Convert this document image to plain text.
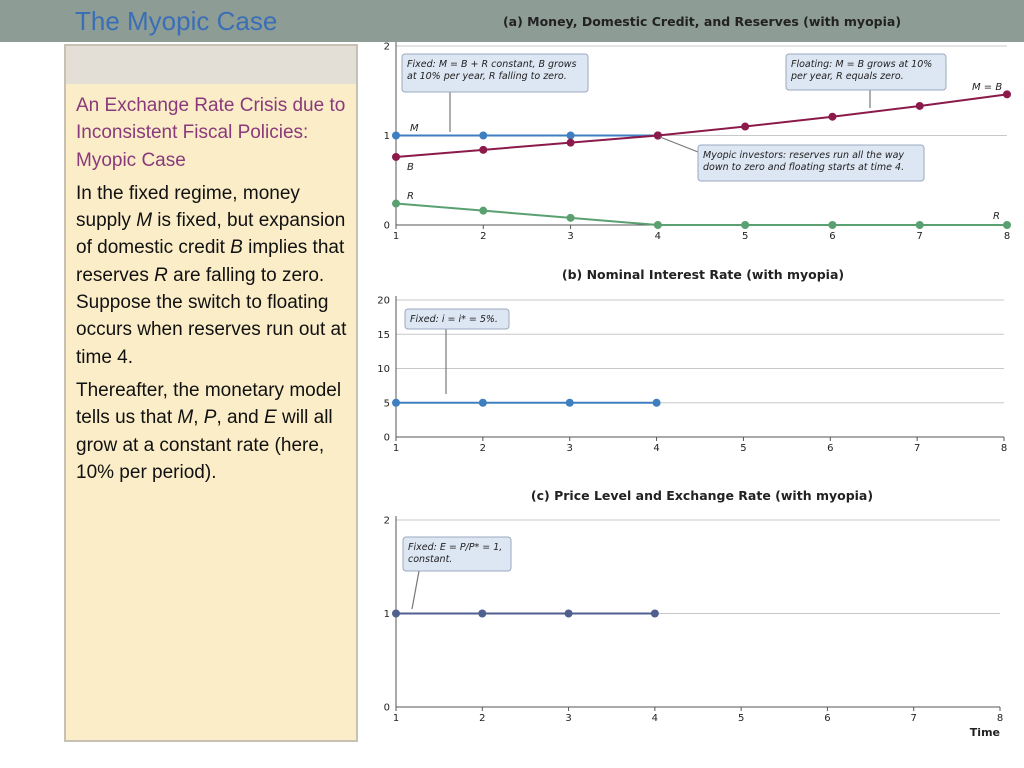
The Myopic Case
An Exchange Rate Crisis due to Inconsistent Fiscal Policies: Myopic Case
In the fixed regime, money supply M is fixed, but expansion of domestic credit B implies that reserves R are falling to zero. Suppose the switch to floating occurs when reserves run out at time 4.
Thereafter, the monetary model tells us that M, P, and E will all grow at a constant rate (here, 10% per period).
(a) Money, Domestic Credit, and Reserves (with myopia)
0
1
2
1	2	3	4	5	6	7	8
M
B
M = B
R
R
Fixed: M = B + R constant, B grows at 10% per year, R falling to zero.
Floating: M = B grows at 10% per year, R equals zero.
Myopic investors: reserves run all the way down to zero and floating starts at time 4.
(b) Nominal Interest Rate (with myopia)
0
5
10
15
20
1	2	3	4	5	6	7	8
Fixed: i = i* = 5%.
(c) Price Level and Exchange Rate (with myopia)
0
1
2
1	2	3	4	5	6	7	8
Time
Fixed: E = P/P* = 1, constant.
